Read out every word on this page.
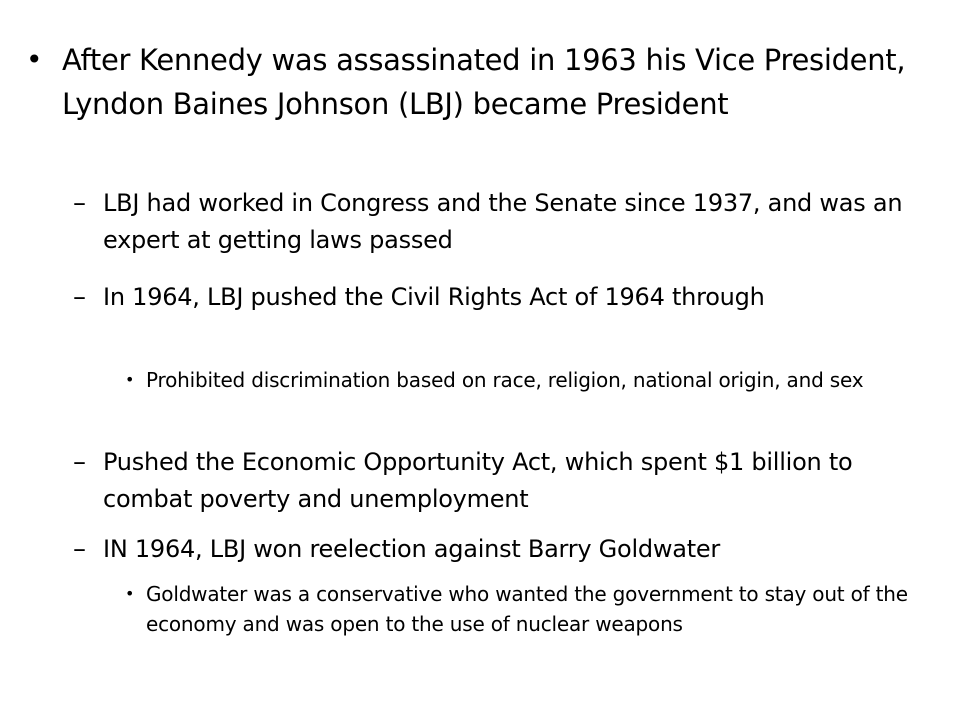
• After Kennedy was assassinated in 1963 his Vice President, Lyndon Baines Johnson (LBJ) became President
– LBJ had worked in Congress and the Senate since 1937, and was an expert at getting laws passed
– In 1964, LBJ pushed the Civil Rights Act of 1964 through
• Prohibited discrimination based on race, religion, national origin, and sex
– Pushed the Economic Opportunity Act, which spent $1 billion to combat poverty and unemployment
– IN 1964, LBJ won reelection against Barry Goldwater
• Goldwater was a conservative who wanted the government to stay out of the economy and was open to the use of nuclear weapons
